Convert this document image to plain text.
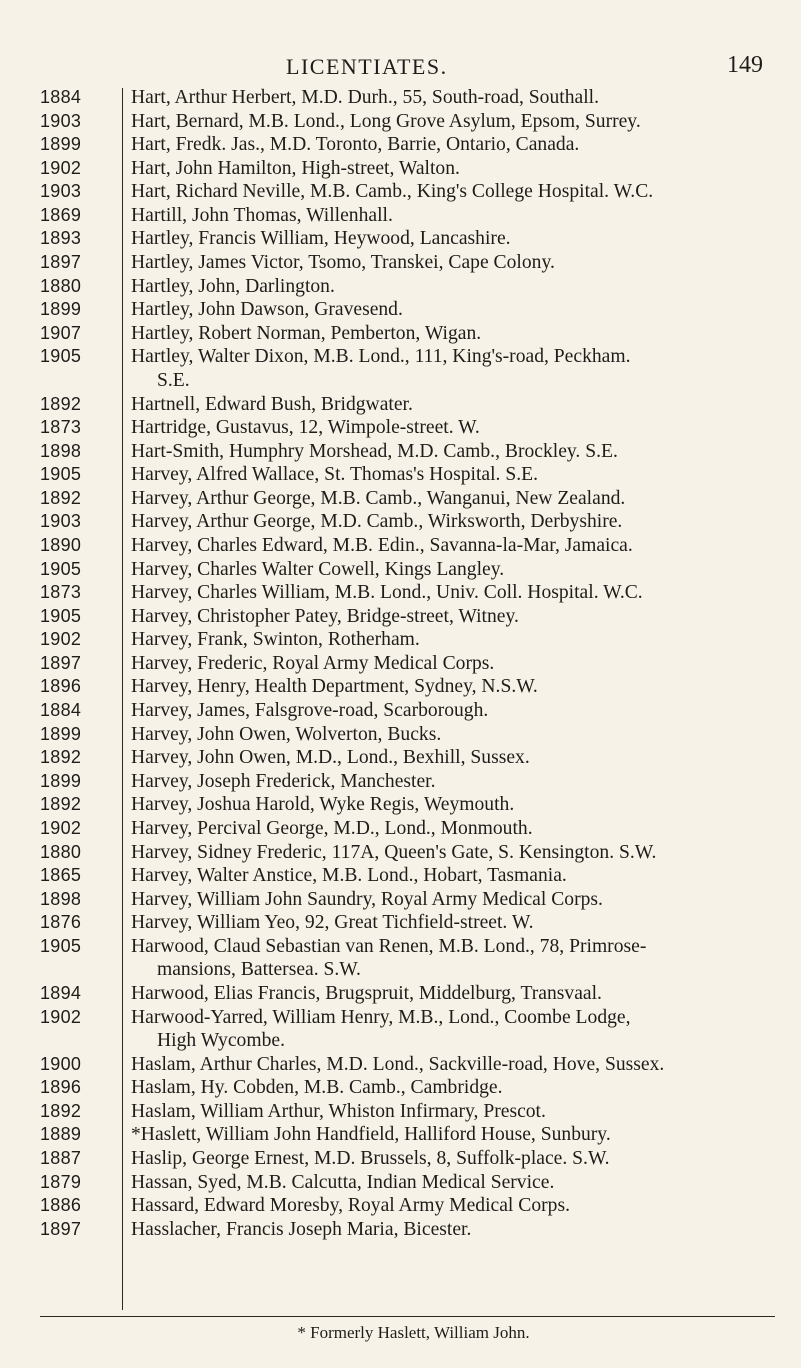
LICENTIATES.	149
1884	Hart, Arthur Herbert, M.D. Durh., 55, South-road, Southall.
1903	Hart, Bernard, M.B. Lond., Long Grove Asylum, Epsom, Surrey.
1899	Hart, Fredk. Jas., M.D. Toronto, Barrie, Ontario, Canada.
1902	Hart, John Hamilton, High-street, Walton.
1903	Hart, Richard Neville, M.B. Camb., King's College Hospital. W.C.
1869	Hartill, John Thomas, Willenhall.
1893	Hartley, Francis William, Heywood, Lancashire.
1897	Hartley, James Victor, Tsomo, Transkei, Cape Colony.
1880	Hartley, John, Darlington.
1899	Hartley, John Dawson, Gravesend.
1907	Hartley, Robert Norman, Pemberton, Wigan.
1905	Hartley, Walter Dixon, M.B. Lond., 111, King's-road, Peckham.
S.E.
1892	Hartnell, Edward Bush, Bridgwater.
1873	Hartridge, Gustavus, 12, Wimpole-street. W.
1898	Hart-Smith, Humphry Morshead, M.D. Camb., Brockley. S.E.
1905	Harvey, Alfred Wallace, St. Thomas's Hospital. S.E.
1892	Harvey, Arthur George, M.B. Camb., Wanganui, New Zealand.
1903	Harvey, Arthur George, M.D. Camb., Wirksworth, Derbyshire.
1890	Harvey, Charles Edward, M.B. Edin., Savanna-la-Mar, Jamaica.
1905	Harvey, Charles Walter Cowell, Kings Langley.
1873	Harvey, Charles William, M.B. Lond., Univ. Coll. Hospital. W.C.
1905	Harvey, Christopher Patey, Bridge-street, Witney.
1902	Harvey, Frank, Swinton, Rotherham.
1897	Harvey, Frederic, Royal Army Medical Corps.
1896	Harvey, Henry, Health Department, Sydney, N.S.W.
1884	Harvey, James, Falsgrove-road, Scarborough.
1899	Harvey, John Owen, Wolverton, Bucks.
1892	Harvey, John Owen, M.D., Lond., Bexhill, Sussex.
1899	Harvey, Joseph Frederick, Manchester.
1892	Harvey, Joshua Harold, Wyke Regis, Weymouth.
1902	Harvey, Percival George, M.D., Lond., Monmouth.
1880	Harvey, Sidney Frederic, 117A, Queen's Gate, S. Kensington. S.W.
1865	Harvey, Walter Anstice, M.B. Lond., Hobart, Tasmania.
1898	Harvey, William John Saundry, Royal Army Medical Corps.
1876	Harvey, William Yeo, 92, Great Tichfield-street. W.
1905	Harwood, Claud Sebastian van Renen, M.B. Lond., 78, Primrose-
mansions, Battersea. S.W.
1894	Harwood, Elias Francis, Brugspruit, Middelburg, Transvaal.
1902	Harwood-Yarred, William Henry, M.B., Lond., Coombe Lodge,
High Wycombe.
1900	Haslam, Arthur Charles, M.D. Lond., Sackville-road, Hove, Sussex.
1896	Haslam, Hy. Cobden, M.B. Camb., Cambridge.
1892	Haslam, William Arthur, Whiston Infirmary, Prescot.
1889	*Haslett, William John Handfield, Halliford House, Sunbury.
1887	Haslip, George Ernest, M.D. Brussels, 8, Suffolk-place. S.W.
1879	Hassan, Syed, M.B. Calcutta, Indian Medical Service.
1886	Hassard, Edward Moresby, Royal Army Medical Corps.
1897	Hasslacher, Francis Joseph Maria, Bicester.
* Formerly Haslett, William John.
